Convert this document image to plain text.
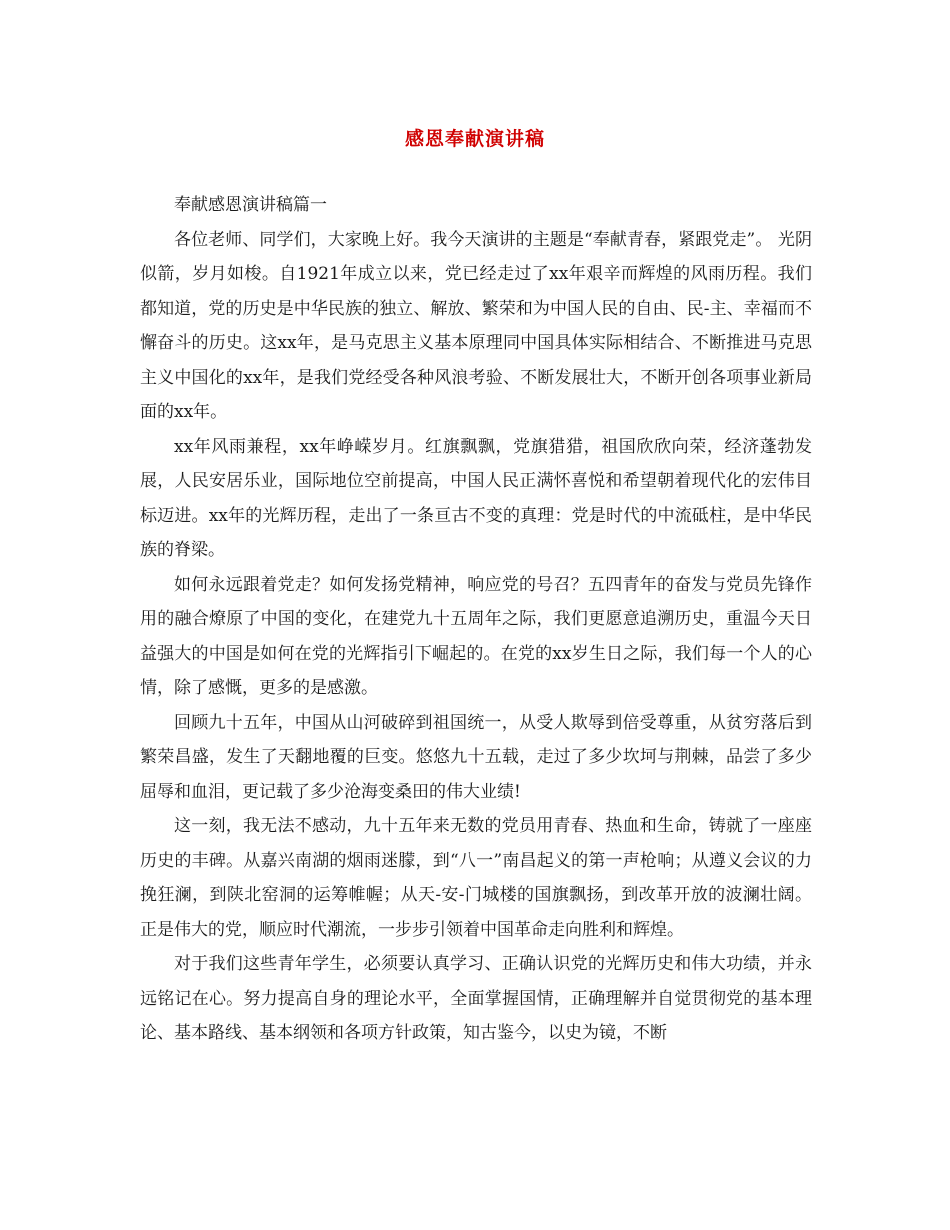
感恩奉献演讲稿

奉献感恩演讲稿篇一

各位老师、同学们，大家晚上好。我今天演讲的主题是“奉献青春，紧跟党走”。 光阴似箭，岁月如梭。自1921年成立以来，党已经走过了xx年艰辛而辉煌的风雨历程。我们都知道，党的历史是中华民族的独立、解放、繁荣和为中国人民的自由、民-主、幸福而不懈奋斗的历史。这xx年，是马克思主义基本原理同中国具体实际相结合、不断推进马克思主义中国化的xx年，是我们党经受各种风浪考验、不断发展壮大，不断开创各项事业新局面的xx年。

xx年风雨兼程，xx年峥嵘岁月。红旗飘飘，党旗猎猎，祖国欣欣向荣，经济蓬勃发展，人民安居乐业，国际地位空前提高，中国人民正满怀喜悦和希望朝着现代化的宏伟目标迈进。xx年的光辉历程，走出了一条亘古不变的真理：党是时代的中流砥柱，是中华民族的脊梁。

如何永远跟着党走？如何发扬党精神，响应党的号召？五四青年的奋发与党员先锋作用的融合燎原了中国的变化，在建党九十五周年之际，我们更愿意追溯历史，重温今天日益强大的中国是如何在党的光辉指引下崛起的。在党的xx岁生日之际，我们每一个人的心情，除了感慨，更多的是感激。

回顾九十五年，中国从山河破碎到祖国统一，从受人欺辱到倍受尊重，从贫穷落后到繁荣昌盛，发生了天翻地覆的巨变。悠悠九十五载，走过了多少坎坷与荆棘，品尝了多少屈辱和血泪，更记载了多少沧海变桑田的伟大业绩!

这一刻，我无法不感动，九十五年来无数的党员用青春、热血和生命，铸就了一座座历史的丰碑。从嘉兴南湖的烟雨迷朦，到“八一”南昌起义的第一声枪响；从遵义会议的力挽狂澜，到陕北窑洞的运筹帷幄；从天-安-门城楼的国旗飘扬，到改革开放的波澜壮阔。正是伟大的党，顺应时代潮流，一步步引领着中国革命走向胜利和辉煌。

对于我们这些青年学生，必须要认真学习、正确认识党的光辉历史和伟大功绩，并永远铭记在心。努力提高自身的理论水平，全面掌握国情，正确理解并自觉贯彻党的基本理论、基本路线、基本纲领和各项方针政策，知古鉴今，以史为镜，不断
